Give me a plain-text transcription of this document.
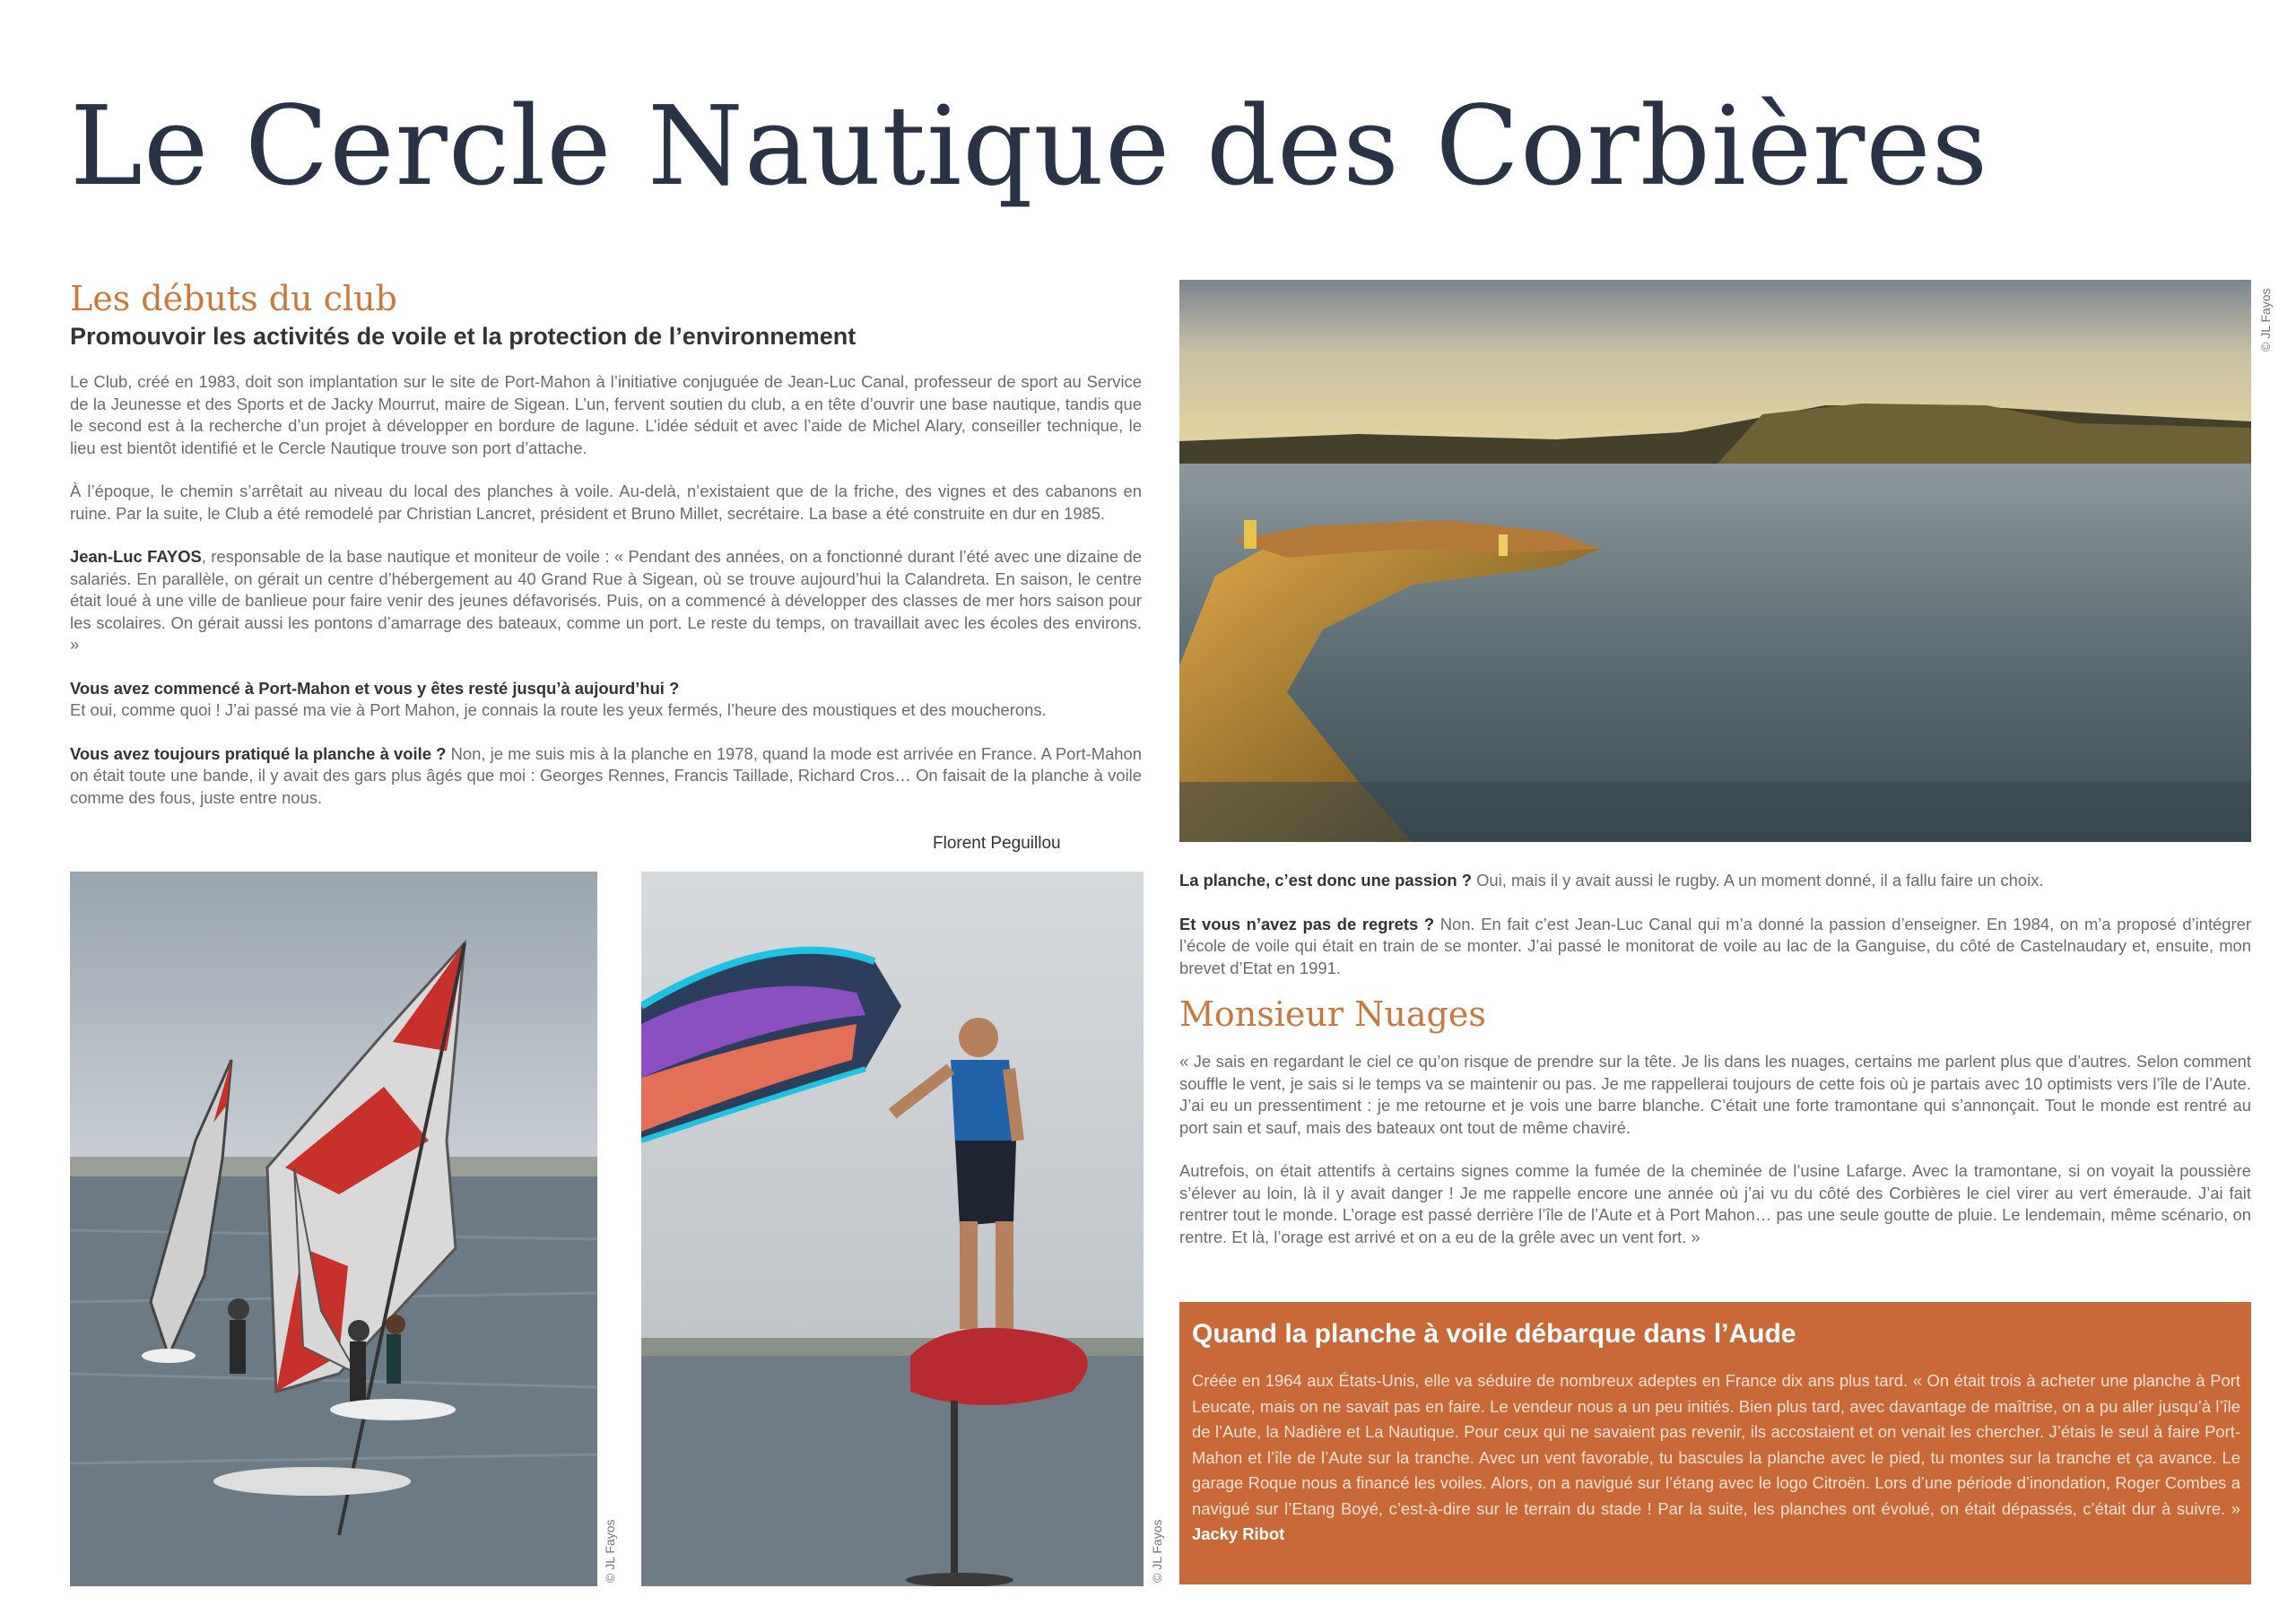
Le Cercle Nautique des Corbières
Les débuts du club
Promouvoir les activités de voile et la protection de l’environnement

Le Club, créé en 1983, doit son implantation sur le site de Port-Mahon à l’initiative conjuguée de Jean-Luc Canal, professeur de sport au Service de la Jeunesse et des Sports et de Jacky Mourrut, maire de Sigean. L’un, fervent soutien du club, a en tête d’ouvrir une base nautique, tandis que le second est à la recherche d’un projet à développer en bordure de lagune. L’idée séduit et avec l’aide de Michel Alary, conseiller technique, le lieu est bientôt identifié et le Cercle Nautique trouve son port d’attache.

À l’époque, le chemin s’arrêtait au niveau du local des planches à voile. Au-delà, n’existaient que de la friche, des vignes et des cabanons en ruine. Par la suite, le Club a été remodelé par Christian Lancret, président et Bruno Millet, secrétaire. La base a été construite en dur en 1985.

Jean-Luc FAYOS, responsable de la base nautique et moniteur de voile : « Pendant des années, on a fonctionné durant l’été avec une dizaine de salariés. En parallèle, on gérait un centre d’hébergement au 40 Grand Rue à Sigean, où se trouve aujourd’hui la Calandreta. En saison, le centre était loué à une ville de banlieue pour faire venir des jeunes défavorisés. Puis, on a commencé à développer des classes de mer hors saison pour les scolaires. On gérait aussi les pontons d’amarrage des bateaux, comme un port. Le reste du temps, on travaillait avec les écoles des environs. »

Vous avez commencé à Port-Mahon et vous y êtes resté jusqu’à aujourd’hui ?
Et oui, comme quoi ! J’ai passé ma vie à Port Mahon, je connais la route les yeux fermés, l’heure des moustiques et des moucherons.

Vous avez toujours pratiqué la planche à voile ? Non, je me suis mis à la planche en 1978, quand la mode est arrivée en France. A Port-Mahon on était toute une bande, il y avait des gars plus âgés que moi : Georges Rennes, Francis Taillade, Richard Cros… On faisait de la planche à voile comme des fous, juste entre nous.

Florent Peguillou
© JL Fayos

La planche, c’est donc une passion ? Oui, mais il y avait aussi le rugby. A un moment donné, il a fallu faire un choix.

Et vous n’avez pas de regrets ? Non. En fait c’est Jean-Luc Canal qui m’a donné la passion d’enseigner. En 1984, on m’a proposé d’intégrer l’école de voile qui était en train de se monter. J’ai passé le monitorat de voile au lac de la Ganguise, du côté de Castelnaudary et, ensuite, mon brevet d’Etat en 1991.

Monsieur Nuages

« Je sais en regardant le ciel ce qu’on risque de prendre sur la tête. Je lis dans les nuages, certains me parlent plus que d’autres. Selon comment souffle le vent, je sais si le temps va se maintenir ou pas. Je me rappellerai toujours de cette fois où je partais avec 10 optimists vers l’île de l’Aute. J’ai eu un pressentiment : je me retourne et je vois une barre blanche. C’était une forte tramontane qui s’annonçait. Tout le monde est rentré au port sain et sauf, mais des bateaux ont tout de même chaviré.

Autrefois, on était attentifs à certains signes comme la fumée de la cheminée de l’usine Lafarge. Avec la tramontane, si on voyait la poussière s’élever au loin, là il y avait danger ! Je me rappelle encore une année où j’ai vu du côté des Corbières le ciel virer au vert émeraude. J’ai fait rentrer tout le monde. L’orage est passé derrière l’île de l’Aute et à Port Mahon… pas une seule goutte de pluie. Le lendemain, même scénario, on rentre. Et là, l’orage est arrivé et on a eu de la grêle avec un vent fort. »

© JL Fayos	© JL Fayos
Quand la planche à voile débarque dans l’Aude

Créée en 1964 aux États-Unis, elle va séduire de nombreux adeptes en France dix ans plus tard. « On était trois à acheter une planche à Port Leucate, mais on ne savait pas en faire. Le vendeur nous a un peu initiés. Bien plus tard, avec davantage de maîtrise, on a pu aller jusqu’à l’île de l’Aute, la Nadière et La Nautique. Pour ceux qui ne savaient pas revenir, ils accostaient et on venait les chercher. J’étais le seul à faire Port-Mahon et l’île de l’Aute sur la tranche. Avec un vent favorable, tu bascules la planche avec le pied, tu montes sur la tranche et ça avance. Le garage Roque nous a financé les voiles. Alors, on a navigué sur l’étang avec le logo Citroën. Lors d’une période d’inondation, Roger Combes a navigué sur l’Etang Boyé, c’est-à-dire sur le terrain du stade ! Par la suite, les planches ont évolué, on était dépassés, c’était dur à suivre. » Jacky Ribot
